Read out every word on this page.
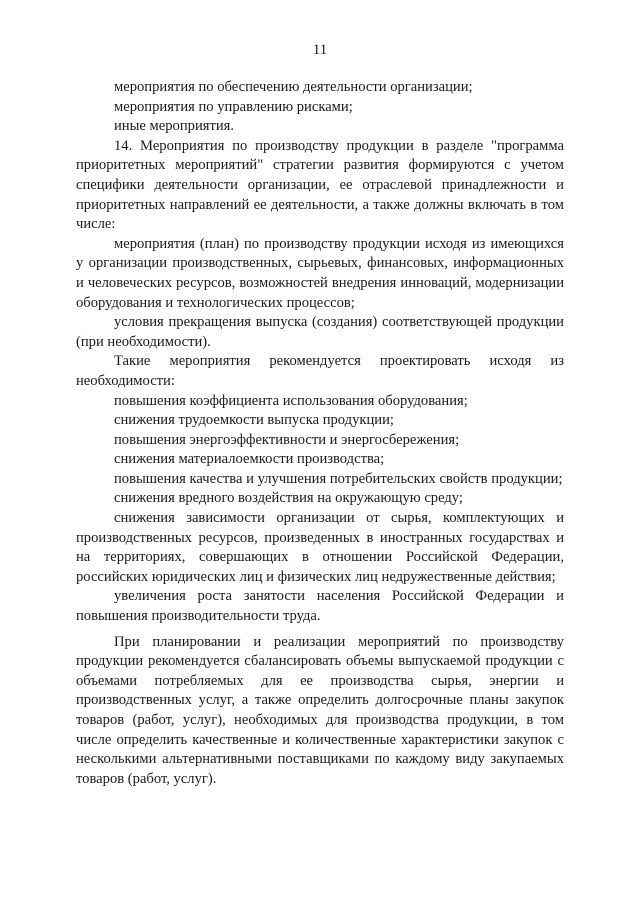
11

мероприятия по обеспечению деятельности организации;

мероприятия по управлению рисками;

иные мероприятия.

14. Мероприятия по производству продукции в разделе "программа приоритетных мероприятий" стратегии развития формируются с учетом специфики деятельности организации, ее отраслевой принадлежности и приоритетных направлений ее деятельности, а также должны включать в том числе:

мероприятия (план) по производству продукции исходя из имеющихся у организации производственных, сырьевых, финансовых, информационных и человеческих ресурсов, возможностей внедрения инноваций, модернизации оборудования и технологических процессов;

условия прекращения выпуска (создания) соответствующей продукции (при необходимости).

Такие мероприятия рекомендуется проектировать исходя из необходимости:

повышения коэффициента использования оборудования;

снижения трудоемкости выпуска продукции;

повышения энергоэффективности и энергосбережения;

снижения материалоемкости производства;

повышения качества и улучшения потребительских свойств продукции;

снижения вредного воздействия на окружающую среду;

снижения зависимости организации от сырья, комплектующих и производственных ресурсов, произведенных в иностранных государствах и на территориях, совершающих в отношении Российской Федерации, российских юридических лиц и физических лиц недружественные действия;

увеличения роста занятости населения Российской Федерации и повышения производительности труда.

При планировании и реализации мероприятий по производству продукции рекомендуется сбалансировать объемы выпускаемой продукции с объемами потребляемых для ее производства сырья, энергии и производственных услуг, а также определить долгосрочные планы закупок товаров (работ, услуг), необходимых для производства продукции, в том числе определить качественные и количественные характеристики закупок с несколькими альтернативными поставщиками по каждому виду закупаемых товаров (работ, услуг).
